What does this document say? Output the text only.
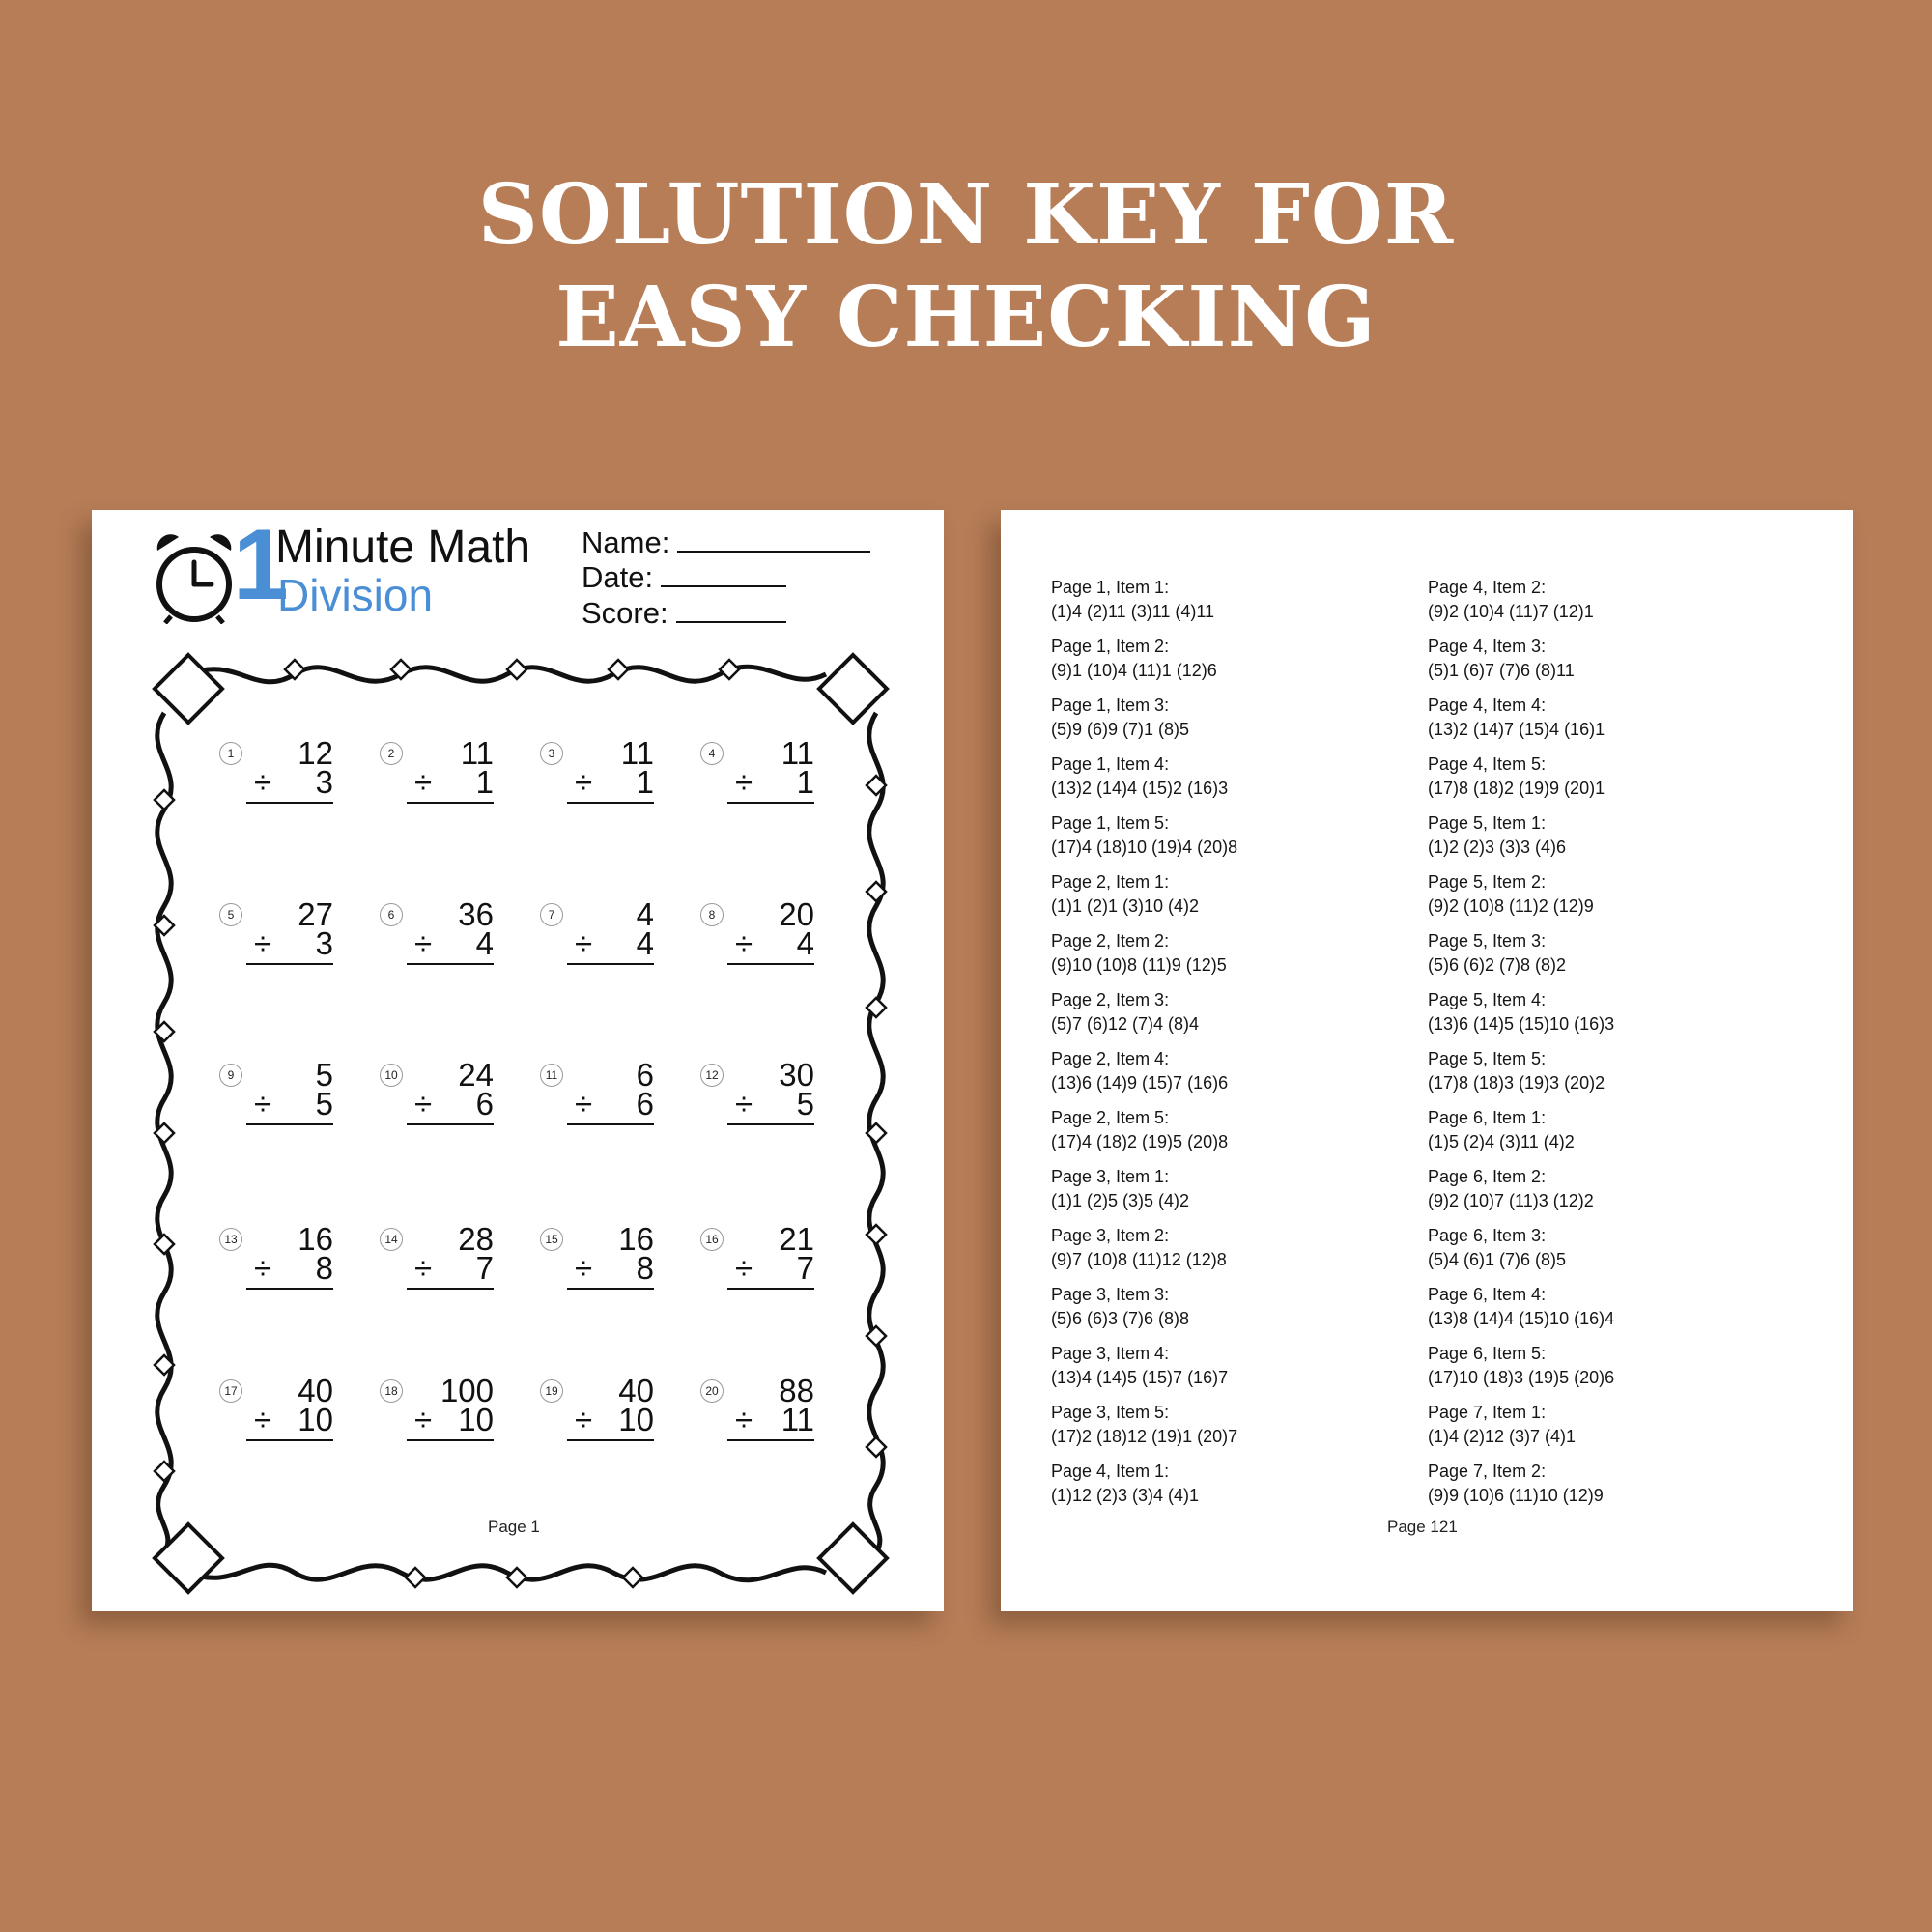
SOLUTION KEY FOR
EASY CHECKING
1
Minute Math
Division
Name:
Date:
Score:
1 12
÷ 3
2 11
÷ 1
3 11
÷ 1
4 11
÷ 1
5 27
÷ 3
6 36
÷ 4
7	4
÷ 4
8 20
÷ 4
9	5
÷ 5
10 24
÷ 6
11 6
÷ 6
12 30
÷ 5
13 16
÷ 8
14 28
÷ 7
15 16
÷ 8
16 21
÷ 7
17 40
÷ 10
18 100
÷ 10
19 40
÷ 10
20 88
÷ 11
Page 1
Page 1, Item 1:
(1)4 (2)11 (3)11 (4)11
Page 1, Item 2:
(9)1 (10)4 (11)1 (12)6
Page 1, Item 3:
(5)9 (6)9 (7)1 (8)5
Page 1, Item 4:
(13)2 (14)4 (15)2 (16)3
Page 1, Item 5:
(17)4 (18)10 (19)4 (20)8
Page 2, Item 1:
(1)1 (2)1 (3)10 (4)2
Page 2, Item 2:
(9)10 (10)8 (11)9 (12)5
Page 2, Item 3:
(5)7 (6)12 (7)4 (8)4
Page 2, Item 4:
(13)6 (14)9 (15)7 (16)6
Page 2, Item 5:
(17)4 (18)2 (19)5 (20)8
Page 3, Item 1:
(1)1 (2)5 (3)5 (4)2
Page 3, Item 2:
(9)7 (10)8 (11)12 (12)8
Page 3, Item 3:
(5)6 (6)3 (7)6 (8)8
Page 3, Item 4:
(13)4 (14)5 (15)7 (16)7
Page 3, Item 5:
(17)2 (18)12 (19)1 (20)7
Page 4, Item 1:
(1)12 (2)3 (3)4 (4)1
Page 4, Item 2:
(9)2 (10)4 (11)7 (12)1
Page 4, Item 3:
(5)1 (6)7 (7)6 (8)11
Page 4, Item 4:
(13)2 (14)7 (15)4 (16)1
Page 4, Item 5:
(17)8 (18)2 (19)9 (20)1
Page 5, Item 1:
(1)2 (2)3 (3)3 (4)6
Page 5, Item 2:
(9)2 (10)8 (11)2 (12)9
Page 5, Item 3:
(5)6 (6)2 (7)8 (8)2
Page 5, Item 4:
(13)6 (14)5 (15)10 (16)3
Page 5, Item 5:
(17)8 (18)3 (19)3 (20)2
Page 6, Item 1:
(1)5 (2)4 (3)11 (4)2
Page 6, Item 2:
(9)2 (10)7 (11)3 (12)2
Page 6, Item 3:
(5)4 (6)1 (7)6 (8)5
Page 6, Item 4:
(13)8 (14)4 (15)10 (16)4
Page 6, Item 5:
(17)10 (18)3 (19)5 (20)6
Page 7, Item 1:
(1)4 (2)12 (3)7 (4)1
Page 7, Item 2:
(9)9 (10)6 (11)10 (12)9
Page 121
